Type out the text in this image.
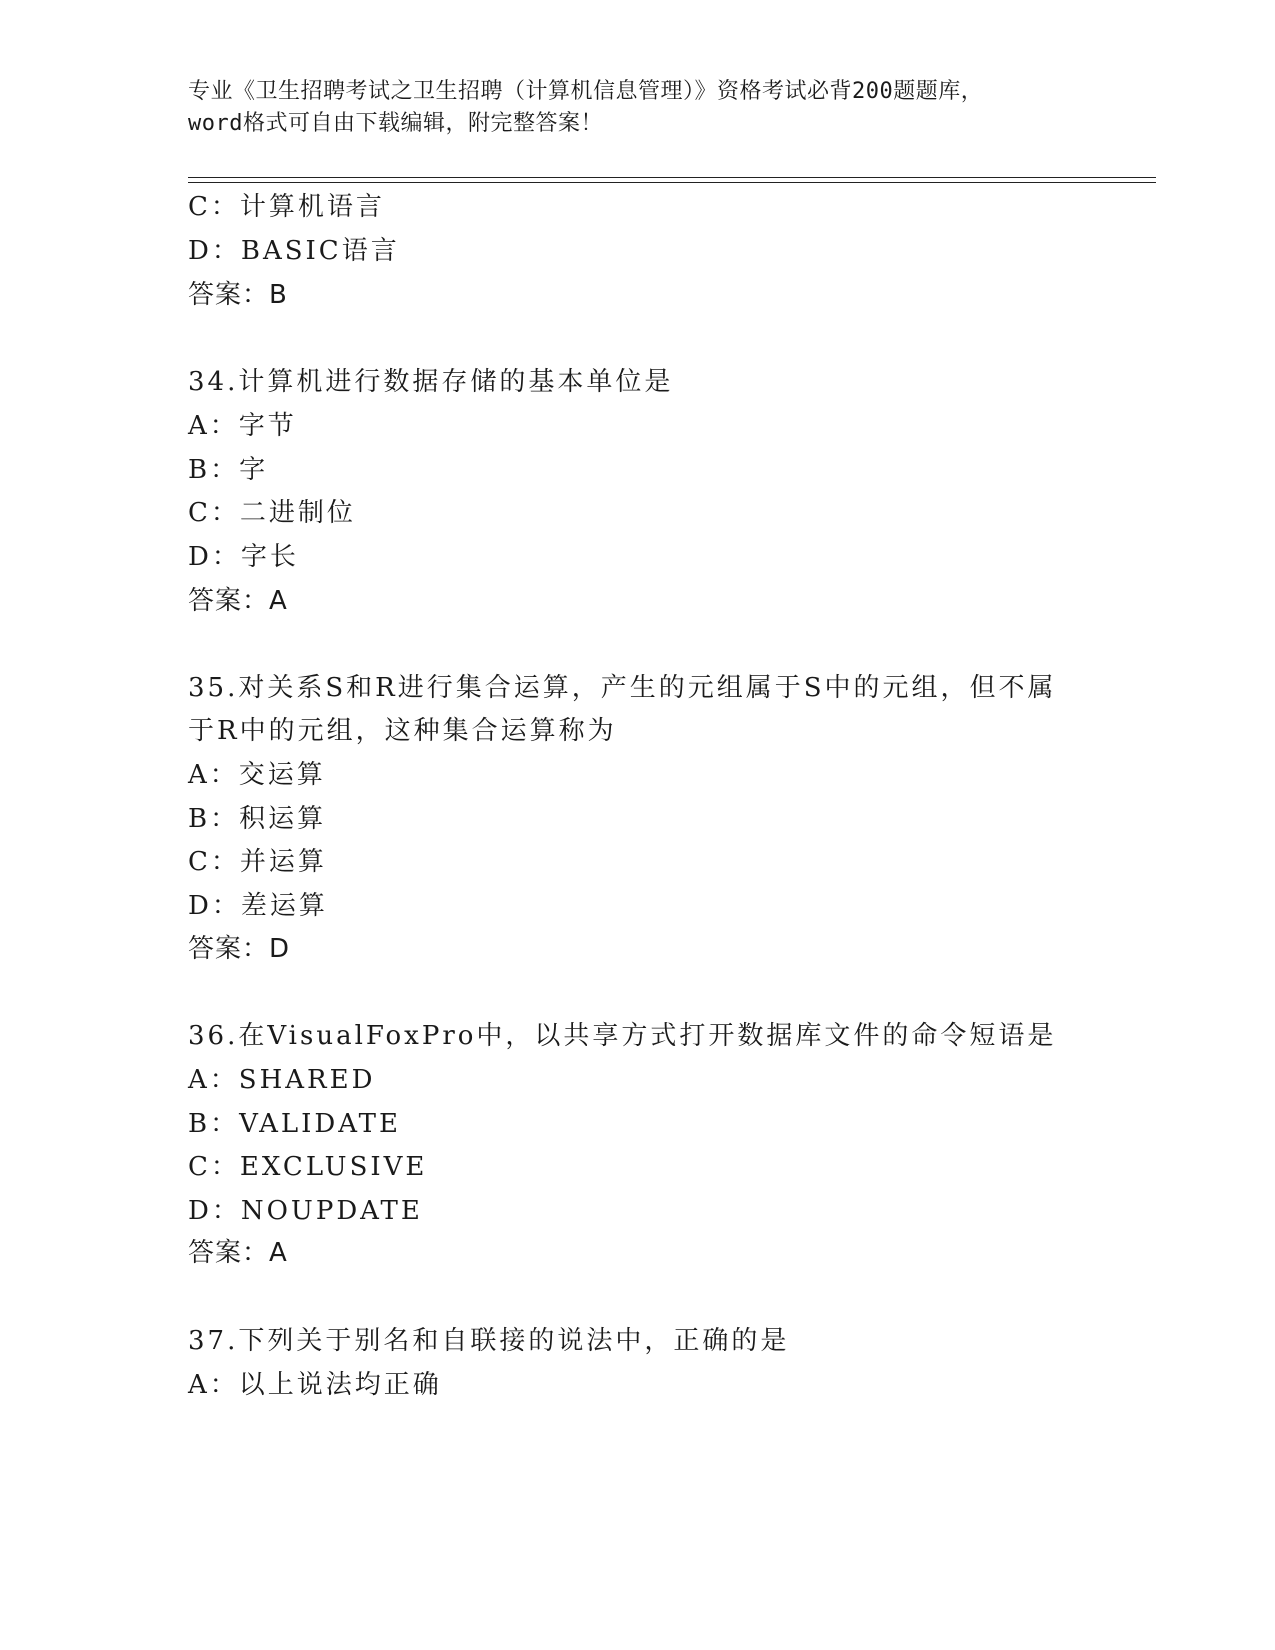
专业《卫生招聘考试之卫生招聘（计算机信息管理）》资格考试必背200题题库，
word格式可自由下载编辑，附完整答案！
C：计算机语言
D：BASIC语言
答案：B
34.计算机进行数据存储的基本单位是
A：字节
B：字
C：二进制位
D：字长
答案：A
35.对关系S和R进行集合运算，产生的元组属于S中的元组，但不属
于R中的元组，这种集合运算称为
A：交运算
B：积运算
C：并运算
D：差运算
答案：D
36.在VisualFoxPro中，以共享方式打开数据库文件的命令短语是
A：SHARED
B：VALIDATE
C：EXCLUSIVE
D：NOUPDATE
答案：A
37.下列关于别名和自联接的说法中，正确的是
A：以上说法均正确
